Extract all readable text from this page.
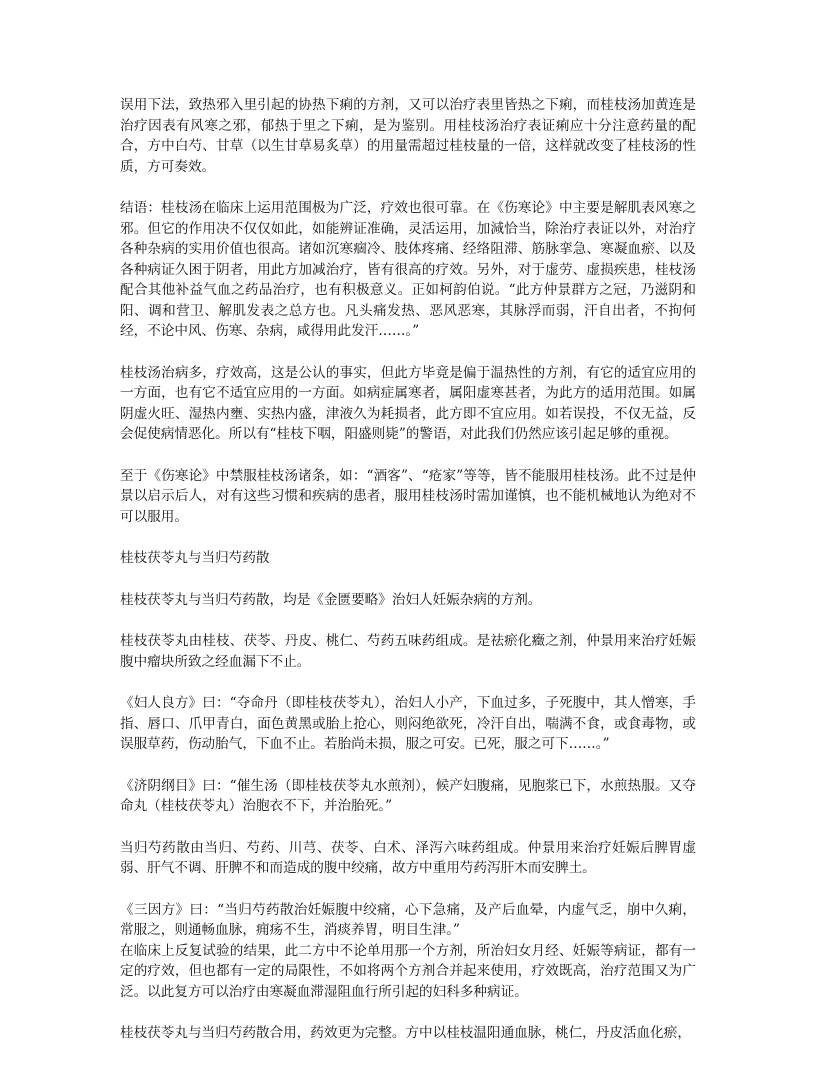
误用下法，致热邪入里引起的协热下痢的方剂，又可以治疗表里皆热之下痢，而桂枝汤加黄连是治疗因表有风寒之邪，郁热于里之下痢，是为鉴别。用桂枝汤治疗表证痢应十分注意药量的配合，方中白芍、甘草（以生甘草易炙草）的用量需超过桂枝量的一倍，这样就改变了桂枝汤的性质，方可奏效。

结语：桂枝汤在临床上运用范围极为广泛，疗效也很可靠。在《伤寒论》中主要是解肌表风寒之邪。但它的作用决不仅仅如此，如能辨证准确，灵活运用，加減恰当，除治疗表证以外，对治疗各种杂病的实用价值也很高。诸如沉寒痼冷、肢体疼痛、经络阻滞、筋脉挛急、寒凝血瘀、以及各种病证久困于阴者，用此方加减治疗，皆有很高的疗效。另外，对于虚劳、虚损疾患，桂枝汤配合其他补益气血之药品治疗，也有积极意义。正如柯韵伯说。“此方仲景群方之冠，乃滋阴和阳、调和营卫、解肌发表之总方也。凡头痛发热、恶风恶寒，其脉浮而弱，汗自出者，不拘何经，不论中风、伤寒、杂病，咸得用此发汗……。”

桂枝汤治病多，疗效高，这是公认的事实，但此方毕竟是偏于温热性的方剂，有它的适宜应用的一方面，也有它不适宜应用的一方面。如病症属寒者，属阳虚寒甚者，为此方的适用范围。如属阴虚火旺、湿热内壅、实热内盛，津液久为耗损者，此方即不宜应用。如若误投，不仅无益，反会促使病情恶化。所以有“桂枝下咽，阳盛则毙”的警语，对此我们仍然应该引起足够的重视。

至于《伤寒论》中禁服桂枝汤诸条，如：“酒客”、“疮家”等等，皆不能服用桂枝汤。此不过是仲景以启示后人，对有这些习惯和疾病的患者，服用桂枝汤时需加谨慎，也不能机械地认为绝对不可以服用。

桂枝茯苓丸与当归芍药散

桂枝茯苓丸与当归芍药散，均是《金匮要略》治妇人妊娠杂病的方剂。

桂枝茯苓丸由桂枝、茯苓、丹皮、桃仁、芍药五味药组成。是祛瘀化癥之剂，仲景用来治疗妊娠腹中瘤块所致之经血漏下不止。

《妇人良方》曰：“夺命丹（即桂枝茯苓丸），治妇人小产，下血过多，子死腹中，其人憎寒，手指、唇口、爪甲青白，面色黄黑或胎上抢心，则闷绝欲死，冷汗自出，喘满不食，或食毒物，或误服草药，伤动胎气，下血不止。若胎尚未损，服之可安。已死，服之可下……。”

《济阴纲目》曰：“催生汤（即桂枝茯苓丸水煎剂），候产妇腹痛，见胞浆已下，水煎热服。又夺命丸（桂枝茯苓丸）治胞衣不下，并治胎死。”

当归芍药散由当归、芍药、川芎、茯苓、白术、泽泻六味药组成。仲景用来治疗妊娠后脾胃虚弱、肝气不调、肝脾不和而造成的腹中绞痛，故方中重用芍药泻肝木而安脾土。

《三因方》曰：“当归芍药散治妊娠腹中绞痛，心下急痛，及产后血晕，内虚气乏，崩中久痢，常服之，则通畅血脉，痈疡不生，消痰养胃，明目生津。”

在临床上反复试验的结果，此二方中不论单用那一个方剂，所治妇女月经、妊娠等病证，都有一定的疗效，但也都有一定的局限性，不如将两个方剂合并起来使用，疗效既高，治疗范围又为广泛。以此复方可以治疗由寒凝血滞湿阻血行所引起的妇科多种病证。

桂枝茯苓丸与当归芍药散合用，药效更为完整。方中以桂枝温阳通血脉，桃仁，丹皮活血化瘀，
